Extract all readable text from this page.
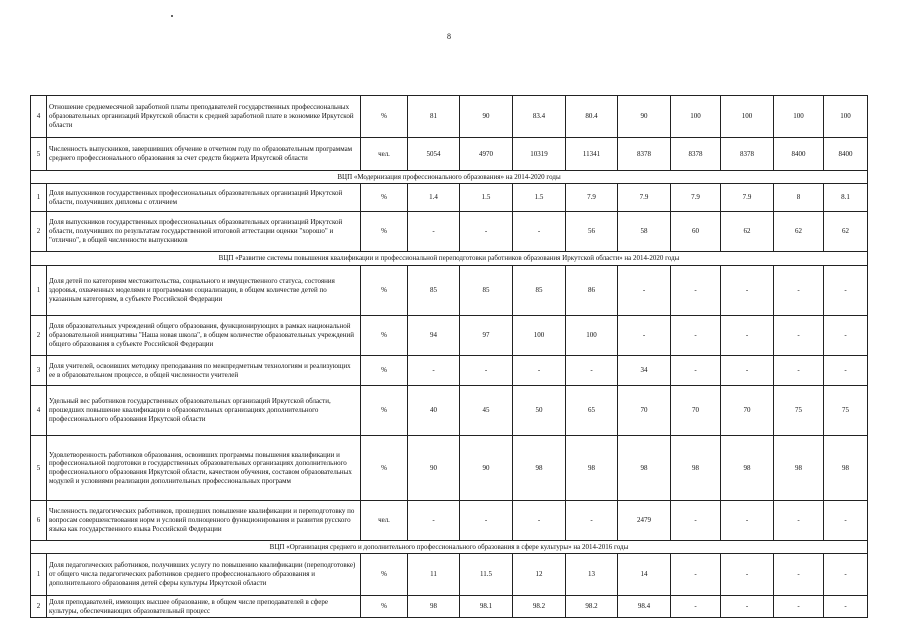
8
4	Отношение среднемесячной заработной платы преподавателей государственных профессиональных образовательных организаций Иркутской области к средней заработной плате в экономике Иркутской области	%	81	90	83.4	80.4	90	100	100	100	100
5	Численность выпускников, завершивших обучение в отчетном году по образовательным программам среднего профессионального образования за счет средств бюджета Иркутской области	чел.	5054	4970	10319	11341	8378	8378	8378	8400	8400
ВЦП «Модернизация профессионального образования» на 2014-2020 годы											
1	Доля выпускников государственных профессиональных образовательных организаций Иркутской области, получивших дипломы с отличием	%	1.4	1.5	1.5	7.9	7.9	7.9	7.9	8	8.1
2	Доля выпускников государственных профессиональных образовательных организаций Иркутской области, получивших по результатам государственной итоговой аттестации оценки "хорошо" и "отлично", в общей численности выпускников	%	-	-	-	56	58	60	62	62	62
ВЦП «Развитие системы повышения квалификации и профессиональной переподготовки работников образования Иркутской области» на 2014-2020 годы											
1	Доля детей по категориям местожительства, социального и имущественного статуса, состояния здоровья, охваченных моделями и программами социализации, в общем количестве детей по указанным категориям, в субъекте Российской Федерации	%	85	85	85	86	-	-	-	-	-
2	Доля образовательных учреждений общего образования, функционирующих в рамках национальной образовательной инициативы "Наша новая школа", в общем количестве образовательных учреждений общего образования в субъекте Российской Федерации	%	94	97	100	100	-	-	-	-	-
3	Доля учителей, освоивших методику преподавания по межпредметным технологиям и реализующих ее в образовательном процессе, в общей численности учителей	%	-	-	-	-	34	-	-	-	-
4	Удельный вес работников государственных образовательных организаций Иркутской области, прошедших повышение квалификации в образовательных организациях дополнительного профессионального образования Иркутской области	%	40	45	50	65	70	70	70	75	75
5	Удовлетворенность работников образования, освоивших программы повышения квалификации и профессиональной подготовки в государственных образовательных организациях дополнительного профессионального образования Иркутской области, качеством обучения, составом образовательных модулей и условиями реализации дополнительных профессиональных программ	%	90	90	98	98	98	98	98	98	98
6	Численность педагогических работников, прошедших повышение квалификации и переподготовку по вопросам совершенствования норм и условий полноценного функционирования и развития русского языка как государственного языка Российской Федерации	чел.	-	-	-	-	2479	-	-	-	-
ВЦП «Организация среднего и дополнительного профессионального образования в сфере культуры» на 2014-2016 годы											
1	Доля педагогических работников, получивших услугу по повышению квалификации (переподготовке) от общего числа педагогических работников среднего профессионального образования и дополнительного образования детей сферы культуры Иркутской области	%	11	11.5	12	13	14	-	-	-	-
2	Доля преподавателей, имеющих высшее образование, в общем числе преподавателей в сфере культуры, обеспечивающих образовательный процесс	%	98	98.1	98.2	98.2	98.4	-	-	-	-
